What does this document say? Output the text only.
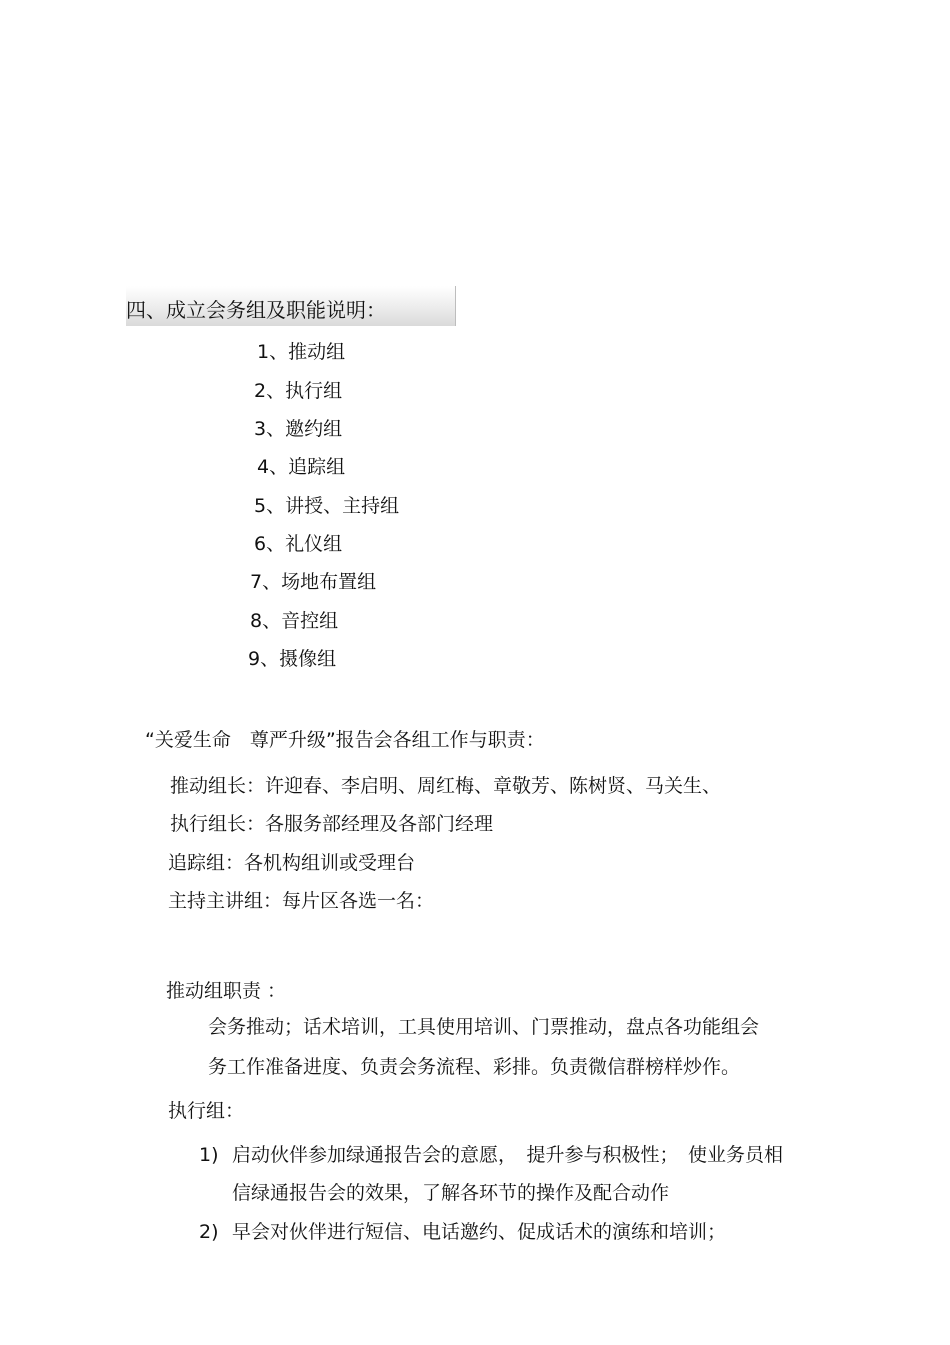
四、成立会务组及职能说明：
1、推动组
2、执行组
3、邀约组
4、追踪组
5、讲授、主持组
6、礼仪组
7、场地布置组
8、音控组
9、摄像组
“关爱生命　尊严升级”报告会各组工作与职责：
推动组长：许迎春、李启明、周红梅、章敬芳、陈树贤、马关生、
执行组长：各服务部经理及各部门经理
追踪组：各机构组训或受理台
主持主讲组：每片区各选一名：
推动组职责 ：
会务推动；话术培训，工具使用培训、门票推动，盘点各功能组会
务工作准备进度、负责会务流程、彩排。负责微信群榜样炒作。
执行组：
1) 启动伙伴参加绿通报告会的意愿，　提升参与积极性；　使业务员相
信绿通报告会的效果，了解各环节的操作及配合动作
2) 早会对伙伴进行短信、电话邀约、促成话术的演练和培训；
